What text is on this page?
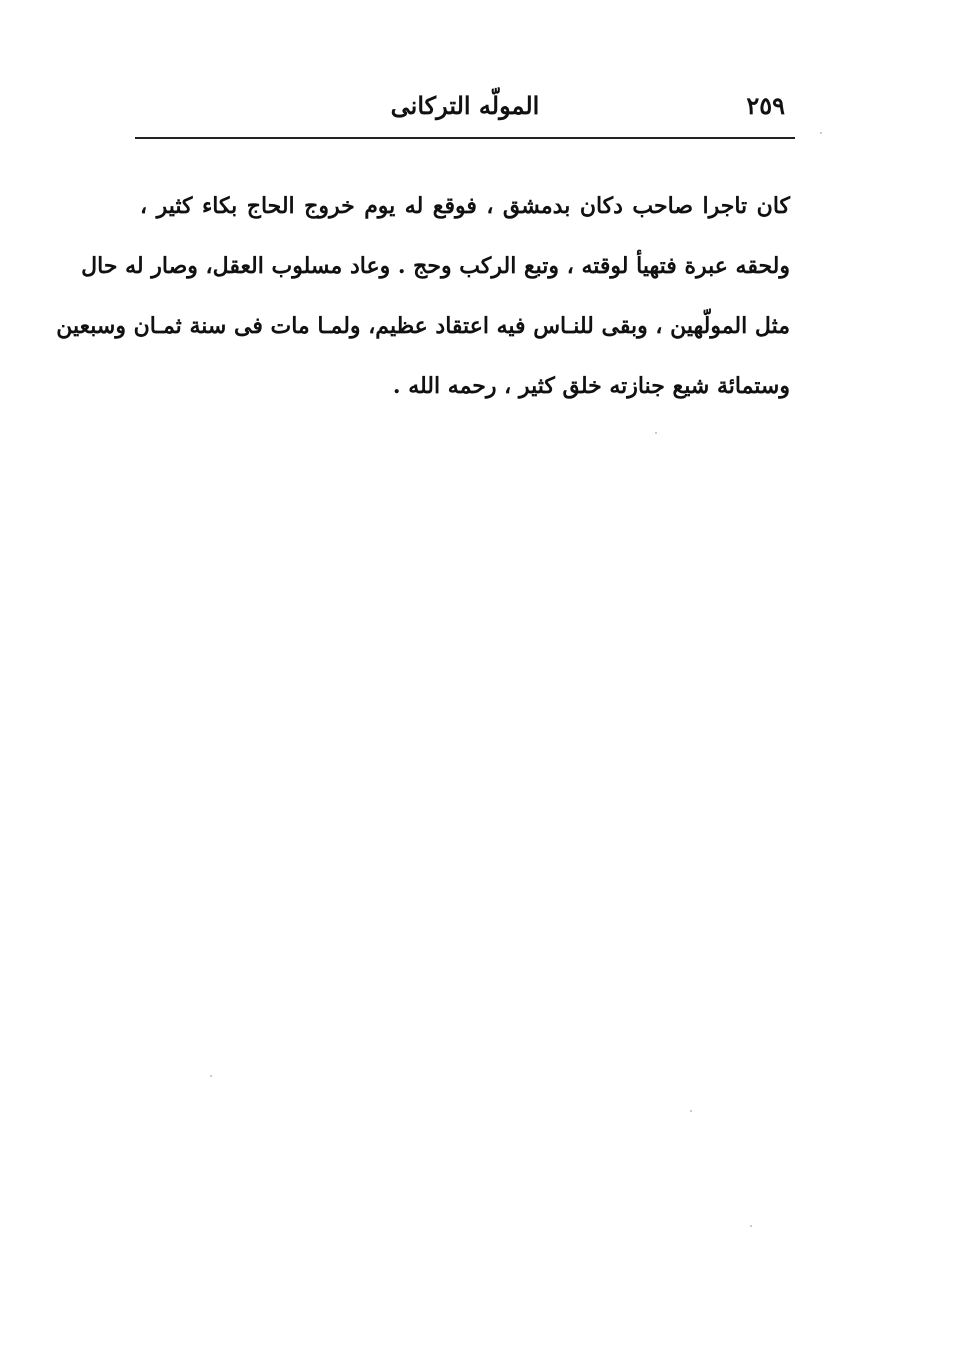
٢٥٩
المولّه التركانى
كان تاجرا صاحب دكان بدمشق ، فوقع له يوم خروج الحاج بكاء كثير ،
ولحقه عبرة فتهيأ لوقته ، وتبع الركب وحج . وعاد مسلوب العقل، وصار له حال
مثل المولّهين ، وبقى للنـاس فيه اعتقاد عظيم، ولمـا مات فى سنة ثمـان وسبعين
وستمائة شيع جنازته خلق كثير ، رحمه الله .
